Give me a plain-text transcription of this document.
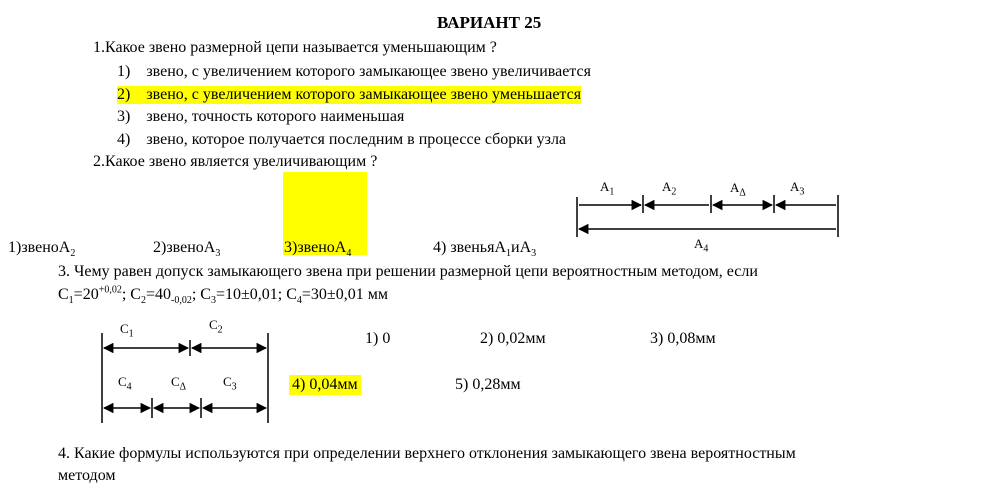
ВАРИАНТ 25
1.Какое звено размерной цепи называется уменьшающим ?
1) звено, с увеличением которого замыкающее звено увеличивается
2) звено, с увеличением которого замыкающее звено уменьшается
3) звено, точность которого наименьшая
4) звено, которое получается последним в процессе сборки узла
2.Какое звено является увеличивающим ?
1)звеноA$_2$	2)звеноA$_3$	3)звеноA$_4$	4) $звеньяA_1иA_3$
$A_1$	$A_2$	$A_\Delta$	$A_3$
$A_4$
3. Чему равен допуск замыкающего звена при решении размерной цепи вероятностным методом, если
$C_1=20^{+0,02}$; $C_2=40_{-0,02}$; $C_3=10\pm 0,01$; $C_4=30\pm 0,01$ мм
$C_1$
$C_2$
$C_4$	$C_\Delta$	$C_3$
1) 0	2) 0,02мм	3) 0,08мм
4) 0,04мм	5) 0,28мм
4. Какие формулы используются при определении верхнего отклонения замыкающего звена вероятностным
методом
